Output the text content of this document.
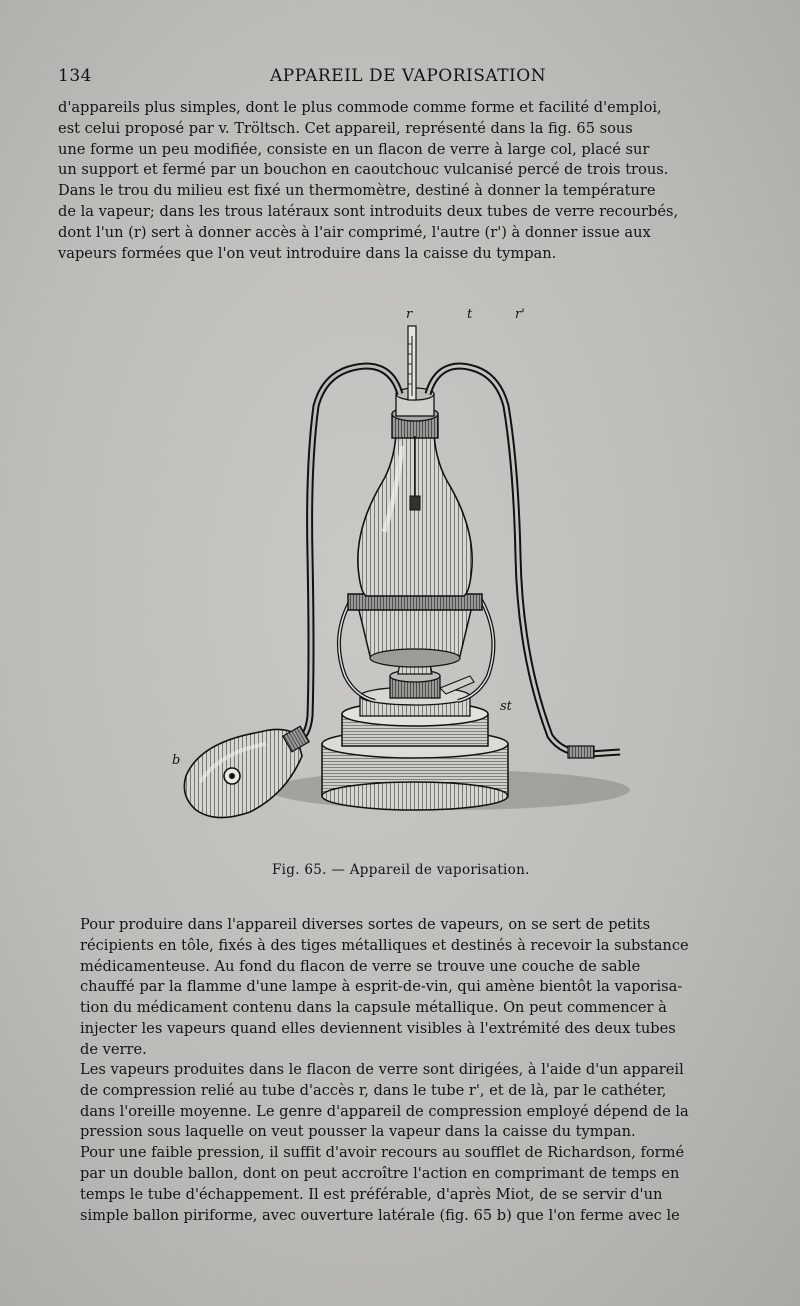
134	APPAREIL DE VAPORISATION
d'appareils plus simples, dont le plus commode comme forme et facilité d'emploi,
est celui proposé par v. Tröltsch. Cet appareil, représenté dans la fig. 65 sous
une forme un peu modifiée, consiste en un flacon de verre à large col, placé sur
un support et fermé par un bouchon en caoutchouc vulcanisé percé de trois trous.
Dans le trou du milieu est fixé un thermomètre, destiné à donner la température
de la vapeur; dans les trous latéraux sont introduits deux tubes de verre recourbés,
dont l'un (r) sert à donner accès à l'air comprimé, l'autre (r') à donner issue aux
vapeurs formées que l'on veut introduire dans la caisse du tympan.
r	t	r'
st
b
Fig. 65. — Appareil de vaporisation.
Pour produire dans l'appareil diverses sortes de vapeurs, on se sert de petits
récipients en tôle, fixés à des tiges métalliques et destinés à recevoir la substance
médicamenteuse. Au fond du flacon de verre se trouve une couche de sable
chauffé par la flamme d'une lampe à esprit-de-vin, qui amène bientôt la vaporisa-
tion du médicament contenu dans la capsule métallique. On peut commencer à
injecter les vapeurs quand elles deviennent visibles à l'extrémité des deux tubes
de verre.
Les vapeurs produites dans le flacon de verre sont dirigées, à l'aide d'un appareil
de compression relié au tube d'accès r, dans le tube r', et de là, par le cathéter,
dans l'oreille moyenne. Le genre d'appareil de compression employé dépend de la
pression sous laquelle on veut pousser la vapeur dans la caisse du tympan.
Pour une faible pression, il suffit d'avoir recours au soufflet de Richardson, formé
par un double ballon, dont on peut accroître l'action en comprimant de temps en
temps le tube d'échappement. Il est préférable, d'après Miot, de se servir d'un
simple ballon piriforme, avec ouverture latérale (fig. 65 b) que l'on ferme avec le
